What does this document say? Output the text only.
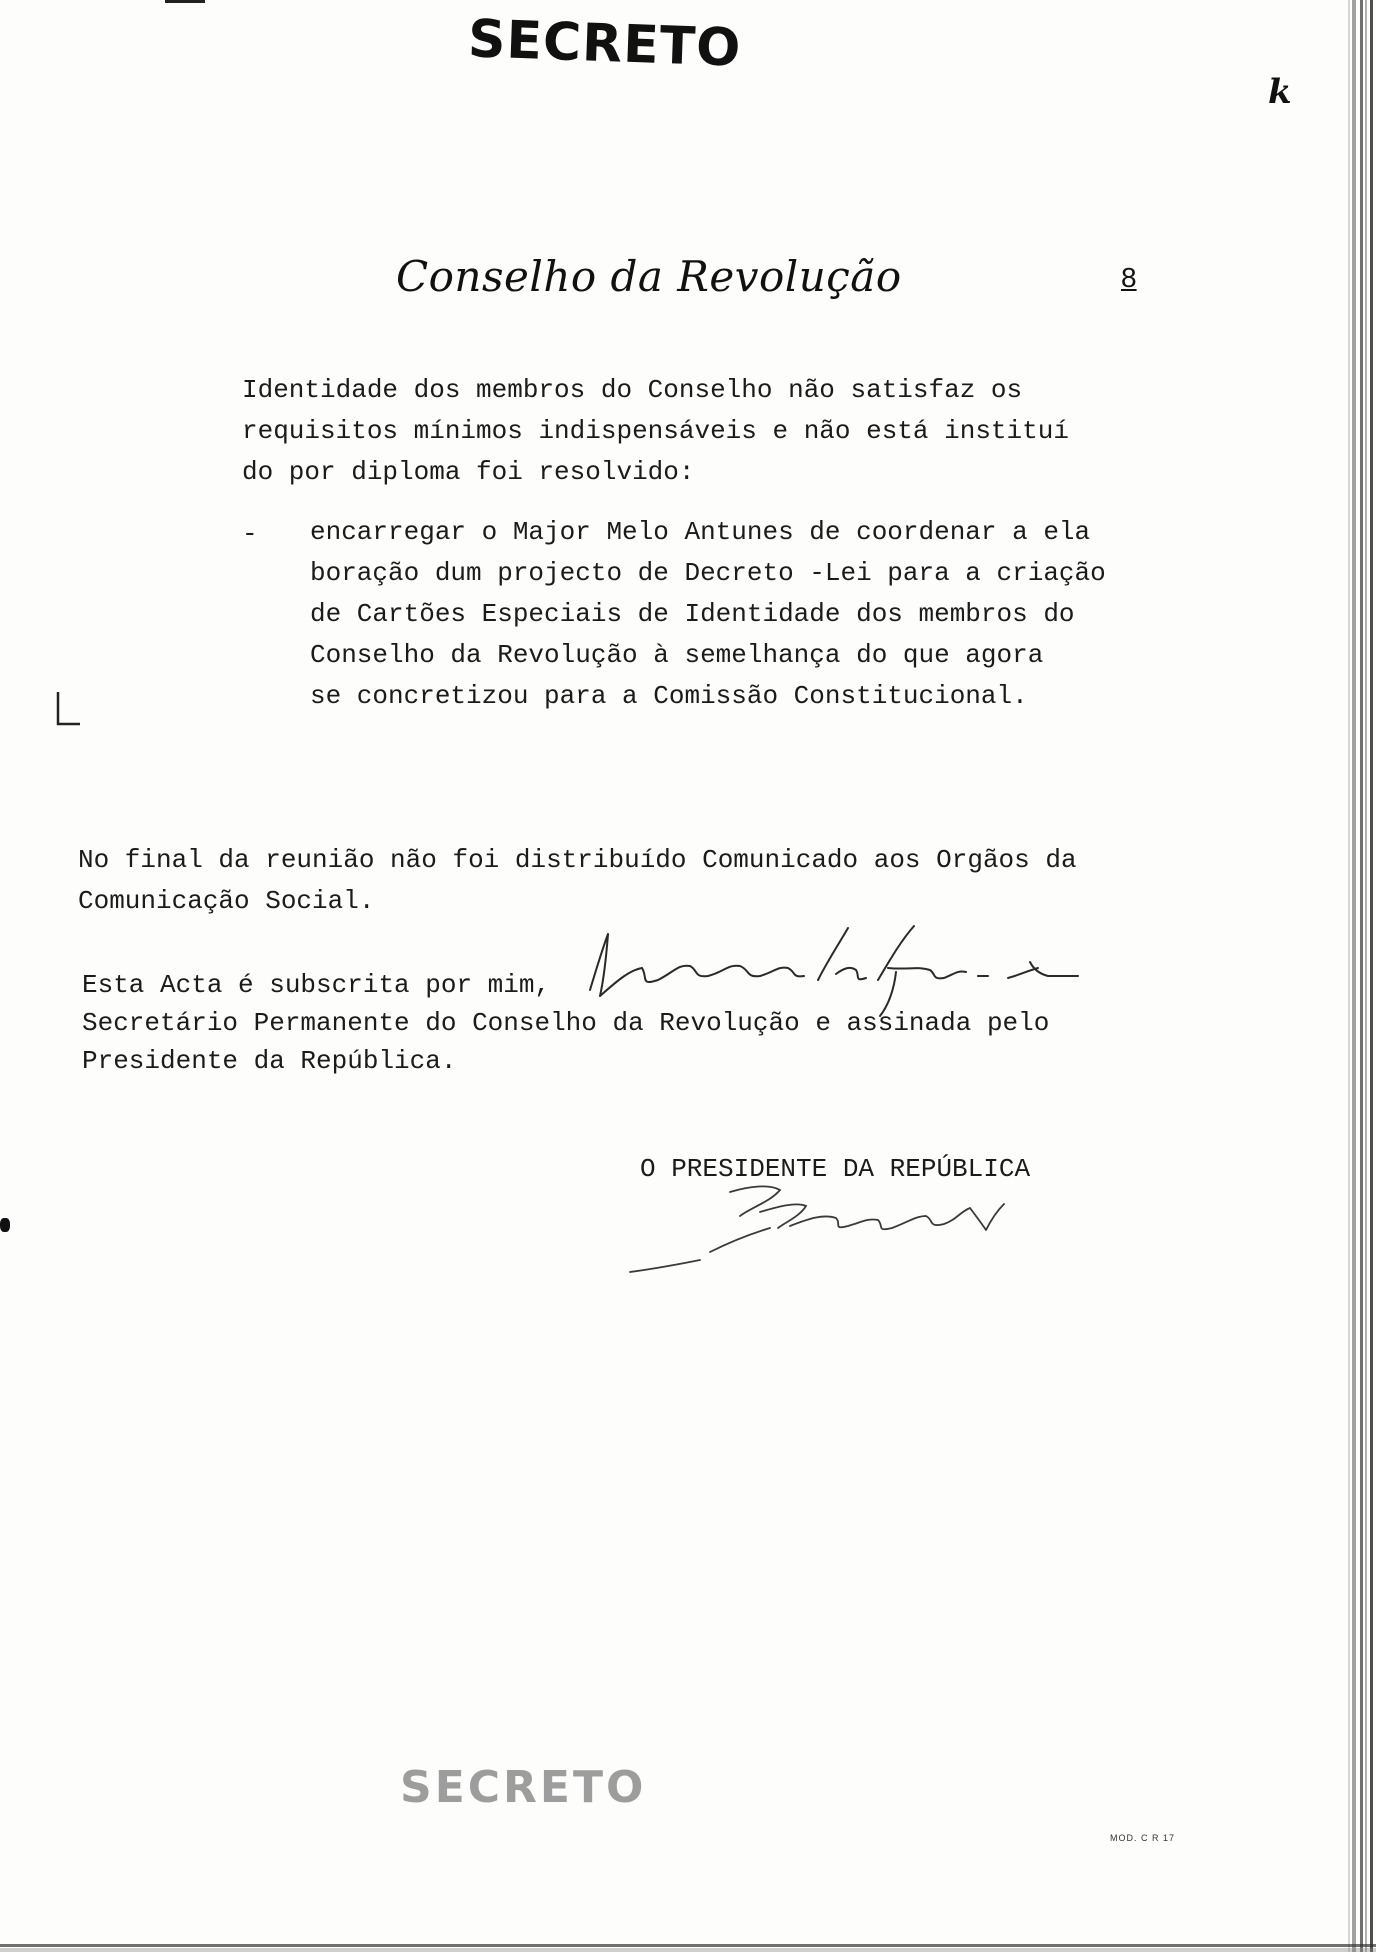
SECRETO
k
Conselho da Revolução	8
Identidade dos membros do Conselho não satisfaz os
requisitos mínimos indispensáveis e não está instituí
do por diploma foi resolvido:
- encarregar o Major Melo Antunes de coordenar a ela
boração dum projecto de Decreto -Lei para a criação
de Cartões Especiais de Identidade dos membros do
Conselho da Revolução à semelhança do que agora
se concretizou para a Comissão Constitucional.
No final da reunião não foi distribuído Comunicado aos Orgãos da
Comunicação Social.
Esta Acta é subscrita por mim,
Secretário Permanente do Conselho da Revolução e assinada pelo
Presidente da República.
O PRESIDENTE DA REPÚBLICA
SECRETO
MOD. C R 17
